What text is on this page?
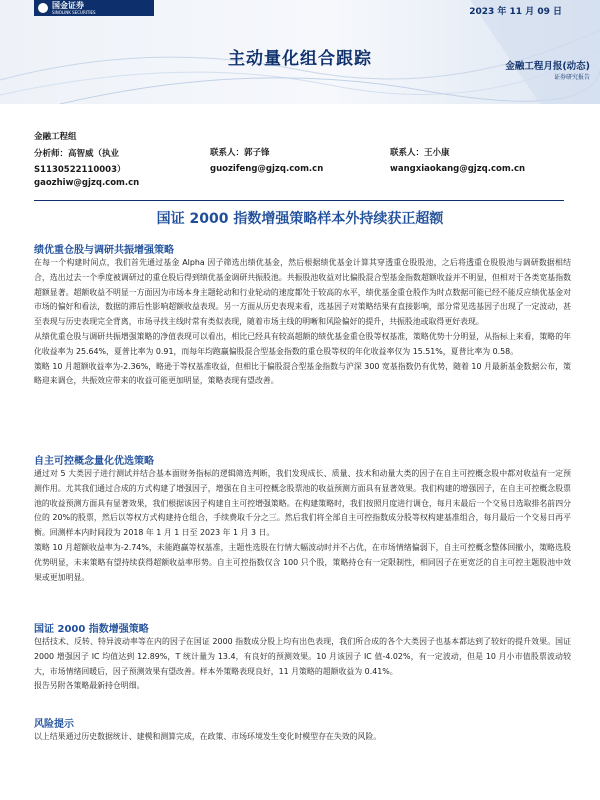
国金证券
SINOLINK SECURITIES	2023 年 11 月 09 日
主动量化组合跟踪	金融工程月报(动态)
证券研究报告
金融工程组
分析师：高智威（执业 S1130522110003）
gaozhiw@gjzq.com.cn
联系人：郭子锋
guozifeng@gjzq.com.cn
联系人：王小康
wangxiaokang@gjzq.com.cn
国证 2000 指数增强策略样本外持续获正超额
绩优重仓股与调研共振增强策略

在每一个构建时间点，我们首先通过基金 Alpha 因子筛选出绩优基金，然后根据绩优基金计算其穿透重仓股股池，之后将透重仓股股池与调研数据相结合，选出过去一个季度被调研过的重仓股后得到绩优基金调研共振股池。共振股池收益对比偏股混合型基金指数超额收益并不明显，但相对于各类宽基指数超额显著。超额收益不明显一方面因为市场本身主题轮动和行业轮动的速度都处于较高的水平，绩优基金重仓股作为时点数据可能已经不能反应绩优基金对市场的偏好和看法，数据的滞后性影响超额收益表现。另一方面从历史表现来看，选基因子对策略结果有直接影响，部分常见选基因子出现了一定波动，甚至表现与历史表现完全背离，市场寻找主线时常有类似表现，随着市场主线的明晰和风险偏好的提升，共振股池或取得更好表现。

从绩优重仓股与调研共振增强策略的净值表现可以看出，相比已经具有较高超额的绩优基金重仓股等权基准，策略优势十分明显，从指标上来看，策略的年化收益率为 25.64%，夏普比率为 0.91，而每年均跑赢偏股混合型基金指数的重仓股等权的年化收益率仅为 15.51%，夏普比率为 0.58。

策略 10 月超额收益率为-2.36%，略逊于等权基准收益，但相比于偏股混合型基金指数与沪深 300 宽基指数仍有优势，随着 10 月最新基金数据公布，策略迎来调仓，共振效应带来的收益可能更加明显，策略表现有望改善。

自主可控概念量化优选策略

通过对 5 大类因子进行测试并结合基本面财务指标的逻辑筛选判断，我们发现成长、质量、技术和动量大类的因子在自主可控概念股中都对收益有一定预测作用。尤其我们通过合成的方式构建了增强因子，增强在自主可控概念股票池的收益预测方面具有显著效果。我们构建的增强因子，在自主可控概念股票池的收益预测方面具有显著效果，我们根据该因子构建自主可控增强策略。在构建策略时，我们按照月度进行调仓，每月末最后一个交易日选取排名前四分位的 20%的股票，然后以等权方式构建持仓组合，手续费取千分之三。然后我们将全部自主可控指数成分股等权构建基准组合，每月最后一个交易日再平衡。回测样本内时间段为 2018 年 1 月 1 日至 2023 年 1 月 3 日。

策略 10 月超额收益率为-2.74%，未能跑赢等权基准，主题性选股在行情大幅波动时并不占优，在市场情绪偏弱下，自主可控概念整体回撤小，策略选股优势明显，未来策略有望持续获得超额收益率形势。自主可控指数仅含 100 只个股，策略持仓有一定限制性，相同因子在更宽泛的自主可控主题股池中效果或更加明显。

国证 2000 指数增强策略

包括技术、反转、特异波动率等在内的因子在国证 2000 指数成分股上均有出色表现，我们所合成的各个大类因子也基本都达到了较好的提升效果。国证 2000 增强因子 IC 均值达到 12.89%，T 统计量为 13.4，有良好的预测效果。10 月该因子 IC 值-4.02%，有一定波动，但是 10 月小市值股票波动较大，市场情绪回暖后，因子预测效果有望改善。样本外策略表现良好，11 月策略的超额收益为 0.41%。

报告另附各策略最新持仓明细。

风险提示

以上结果通过历史数据统计、建模和测算完成，在政策、市场环境发生变化时模型存在失效的风险。
